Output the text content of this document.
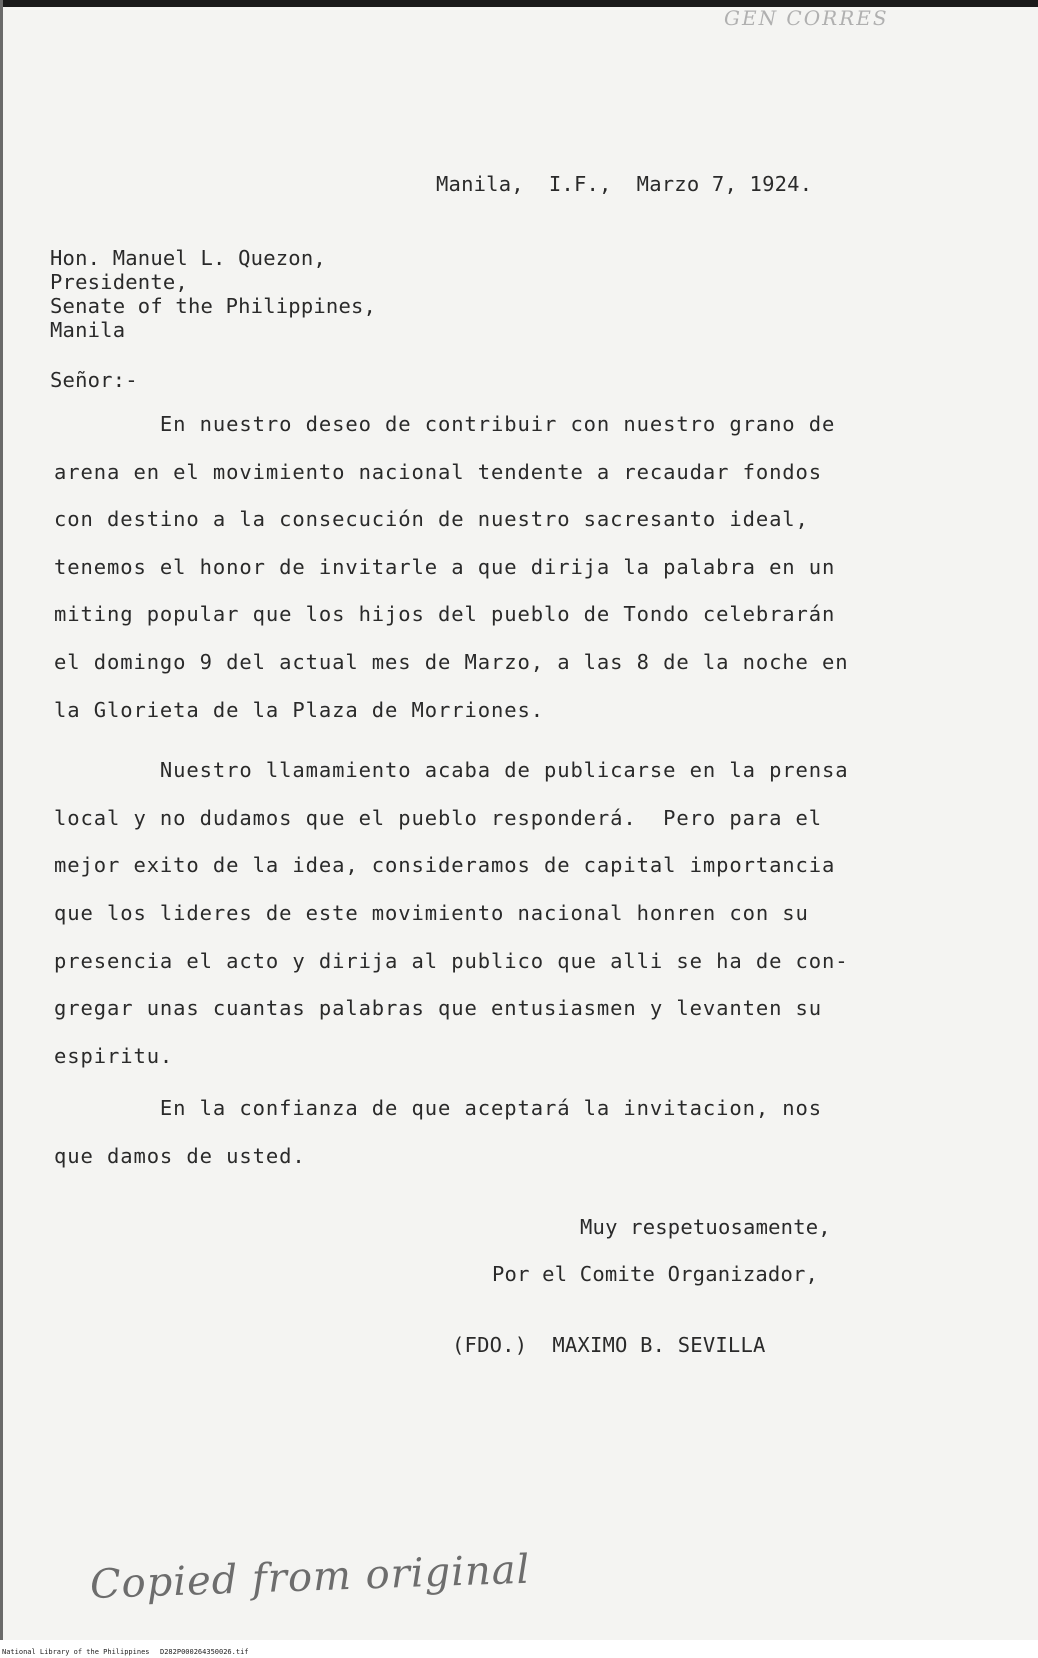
GEN CORRES
Manila,  I.F.,  Marzo 7, 1924.
Hon. Manuel L. Quezon,
Presidente,
Senate of the Philippines,
Manila
Señor:-
En nuestro deseo de contribuir con nuestro grano de
arena en el movimiento nacional tendente a recaudar fondos
con destino a la consecución de nuestro sacresanto ideal,
tenemos el honor de invitarle a que dirija la palabra en un
miting popular que los hijos del pueblo de Tondo celebrarán
el domingo 9 del actual mes de Marzo, a las 8 de la noche en
la Glorieta de la Plaza de Morriones.
Nuestro llamamiento acaba de publicarse en la prensa
local y no dudamos que el pueblo responderá.  Pero para el
mejor exito de la idea, consideramos de capital importancia
que los lideres de este movimiento nacional honren con su
presencia el acto y dirija al publico que alli se ha de con-
gregar unas cuantas palabras que entusiasmen y levanten su
espiritu.
En la confianza de que aceptará la invitacion, nos
que damos de usted.
Muy respetuosamente,
Por el Comite Organizador,
(FDO.)  MAXIMO B. SEVILLA
Copied from original
National Library of the Philippines D282P000264350026.tif
